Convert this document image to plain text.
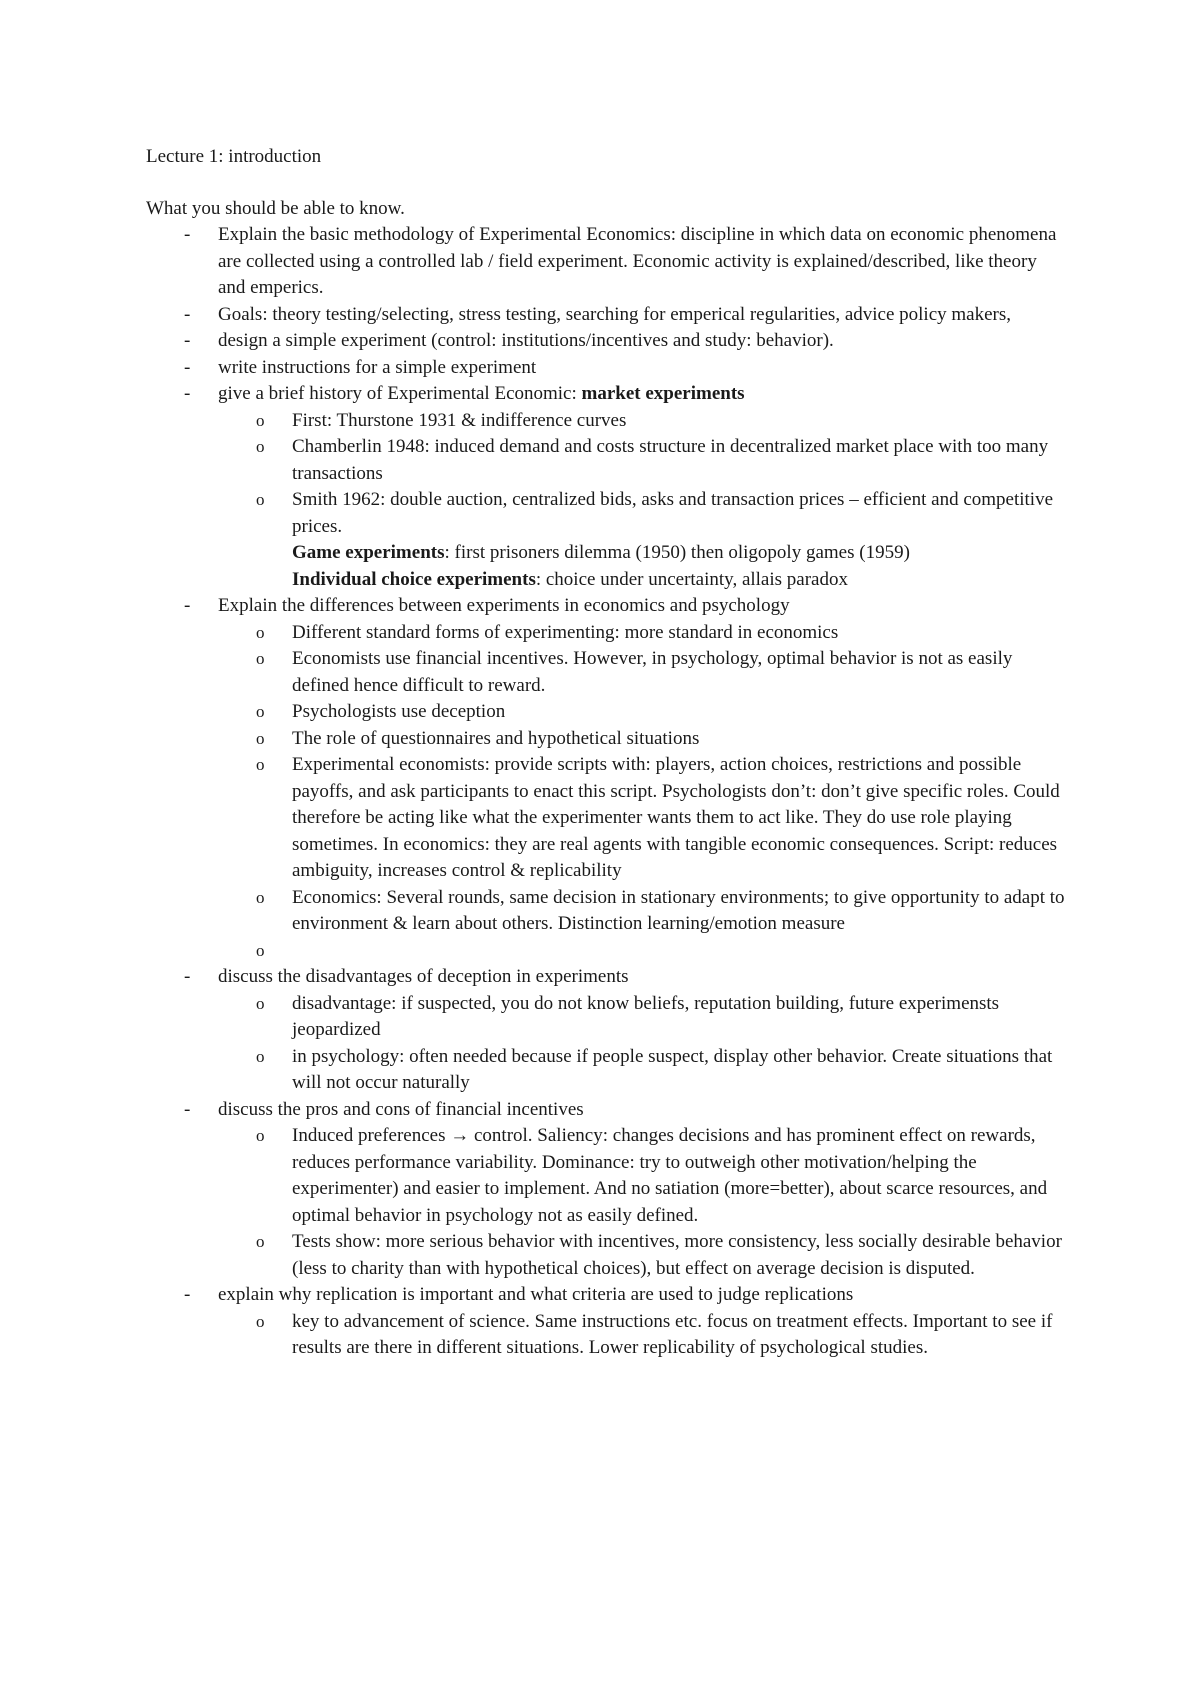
Lecture 1: introduction
What you should be able to know.
- Explain the basic methodology of Experimental Economics: discipline in which data on economic phenomena are collected using a controlled lab / field experiment. Economic activity is explained/described, like theory and emperics.
- Goals: theory testing/selecting, stress testing, searching for emperical regularities, advice policy makers,
- design a simple experiment (control: institutions/incentives and study: behavior).
- write instructions for a simple experiment
- give a brief history of Experimental Economic: market experiments
o First: Thurstone 1931 & indifference curves
o Chamberlin 1948: induced demand and costs structure in decentralized market place with too many transactions
o Smith 1962: double auction, centralized bids, asks and transaction prices – efficient and competitive prices.
Game experiments: first prisoners dilemma (1950) then oligopoly games (1959)
Individual choice experiments: choice under uncertainty, allais paradox
- Explain the differences between experiments in economics and psychology
o Different standard forms of experimenting: more standard in economics
o Economists use financial incentives. However, in psychology, optimal behavior is not as easily defined hence difficult to reward.
o Psychologists use deception
o The role of questionnaires and hypothetical situations
o Experimental economists: provide scripts with: players, action choices, restrictions and possible payoffs, and ask participants to enact this script. Psychologists don’t: don’t give specific roles. Could therefore be acting like what the experimenter wants them to act like. They do use role playing sometimes. In economics: they are real agents with tangible economic consequences. Script: reduces ambiguity, increases control & replicability
o Economics: Several rounds, same decision in stationary environments; to give opportunity to adapt to environment & learn about others. Distinction learning/emotion measure
o
- discuss the disadvantages of deception in experiments
o disadvantage: if suspected, you do not know beliefs, reputation building, future experimensts jeopardized
o in psychology: often needed because if people suspect, display other behavior. Create situations that will not occur naturally
- discuss the pros and cons of financial incentives
o Induced preferences → control. Saliency: changes decisions and has prominent effect on rewards, reduces performance variability. Dominance: try to outweigh other motivation/helping the experimenter) and easier to implement. And no satiation (more=better), about scarce resources, and optimal behavior in psychology not as easily defined.
o Tests show: more serious behavior with incentives, more consistency, less socially desirable behavior (less to charity than with hypothetical choices), but effect on average decision is disputed.
- explain why replication is important and what criteria are used to judge replications
o key to advancement of science. Same instructions etc. focus on treatment effects. Important to see if results are there in different situations. Lower replicability of psychological studies.
